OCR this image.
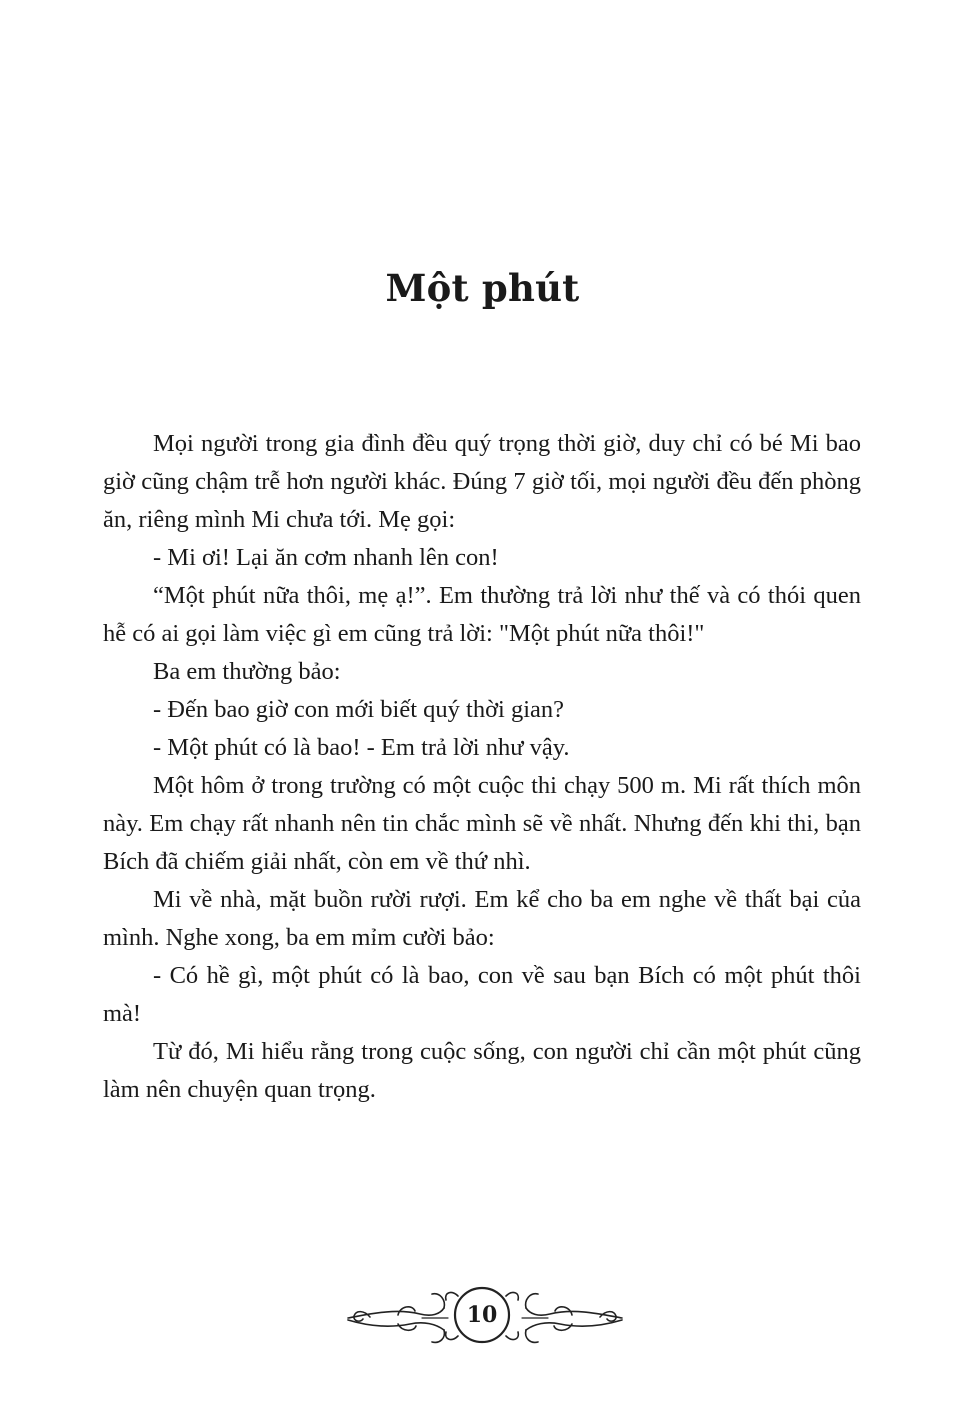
Một phút

Mọi người trong gia đình đều quý trọng thời giờ, duy chỉ có bé Mi bao giờ cũng chậm trễ hơn người khác. Đúng 7 giờ tối, mọi người đều đến phòng ăn, riêng mình Mi chưa tới. Mẹ gọi:

- Mi ơi! Lại ăn cơm nhanh lên con!

“Một phút nữa thôi, mẹ ạ!”. Em thường trả lời như thế và có thói quen hễ có ai gọi làm việc gì em cũng trả lời: "Một phút nữa thôi!"

Ba em thường bảo:

- Đến bao giờ con mới biết quý thời gian?

- Một phút có là bao! - Em trả lời như vậy.

Một hôm ở trong trường có một cuộc thi chạy 500 m. Mi rất thích môn này. Em chạy rất nhanh nên tin chắc mình sẽ về nhất. Nhưng đến khi thi, bạn Bích đã chiếm giải nhất, còn em về thứ nhì.

Mi về nhà, mặt buồn rười rượi. Em kể cho ba em nghe về thất bại của mình. Nghe xong, ba em mỉm cười bảo:

- Có hề gì, một phút có là bao, con về sau bạn Bích có một phút thôi mà!

Từ đó, Mi hiểu rằng trong cuộc sống, con người chỉ cần một phút cũng làm nên chuyện quan trọng.

10
